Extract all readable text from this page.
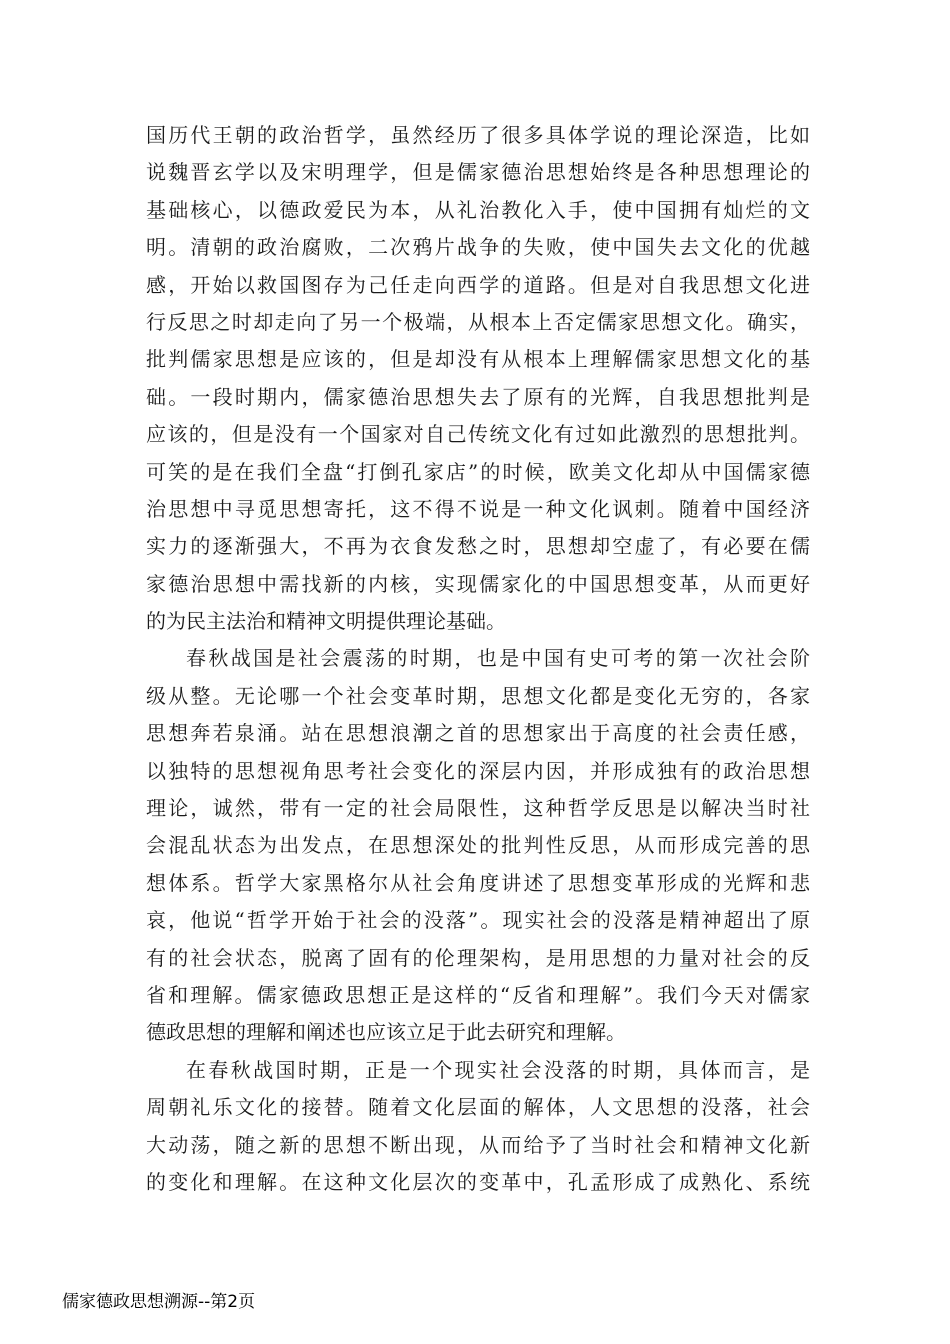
国历代王朝的政治哲学，虽然经历了很多具体学说的理论深造，比如
说魏晋玄学以及宋明理学，但是儒家德治思想始终是各种思想理论的
基础核心，以德政爱民为本，从礼治教化入手，使中国拥有灿烂的文
明。清朝的政治腐败，二次鸦片战争的失败，使中国失去文化的优越
感，开始以救国图存为己任走向西学的道路。但是对自我思想文化进
行反思之时却走向了另一个极端，从根本上否定儒家思想文化。确实，
批判儒家思想是应该的，但是却没有从根本上理解儒家思想文化的基
础。一段时期内，儒家德治思想失去了原有的光辉，自我思想批判是
应该的，但是没有一个国家对自己传统文化有过如此激烈的思想批判。
可笑的是在我们全盘“打倒孔家店”的时候，欧美文化却从中国儒家德
治思想中寻觅思想寄托，这不得不说是一种文化讽刺。随着中国经济
实力的逐渐强大，不再为衣食发愁之时，思想却空虚了，有必要在儒
家德治思想中需找新的内核，实现儒家化的中国思想变革，从而更好
的为民主法治和精神文明提供理论基础。
春秋战国是社会震荡的时期，也是中国有史可考的第一次社会阶
级从整。无论哪一个社会变革时期，思想文化都是变化无穷的，各家
思想奔若泉涌。站在思想浪潮之首的思想家出于高度的社会责任感，
以独特的思想视角思考社会变化的深层内因，并形成独有的政治思想
理论，诚然，带有一定的社会局限性，这种哲学反思是以解决当时社
会混乱状态为出发点，在思想深处的批判性反思，从而形成完善的思
想体系。哲学大家黑格尔从社会角度讲述了思想变革形成的光辉和悲
哀，他说“哲学开始于社会的没落”。现实社会的没落是精神超出了原
有的社会状态，脱离了固有的伦理架构，是用思想的力量对社会的反
省和理解。儒家德政思想正是这样的“反省和理解”。我们今天对儒家
德政思想的理解和阐述也应该立足于此去研究和理解。
在春秋战国时期，正是一个现实社会没落的时期，具体而言，是
周朝礼乐文化的接替。随着文化层面的解体，人文思想的没落，社会
大动荡，随之新的思想不断出现，从而给予了当时社会和精神文化新
的变化和理解。在这种文化层次的变革中，孔孟形成了成熟化、系统
儒家德政思想溯源--第2页
